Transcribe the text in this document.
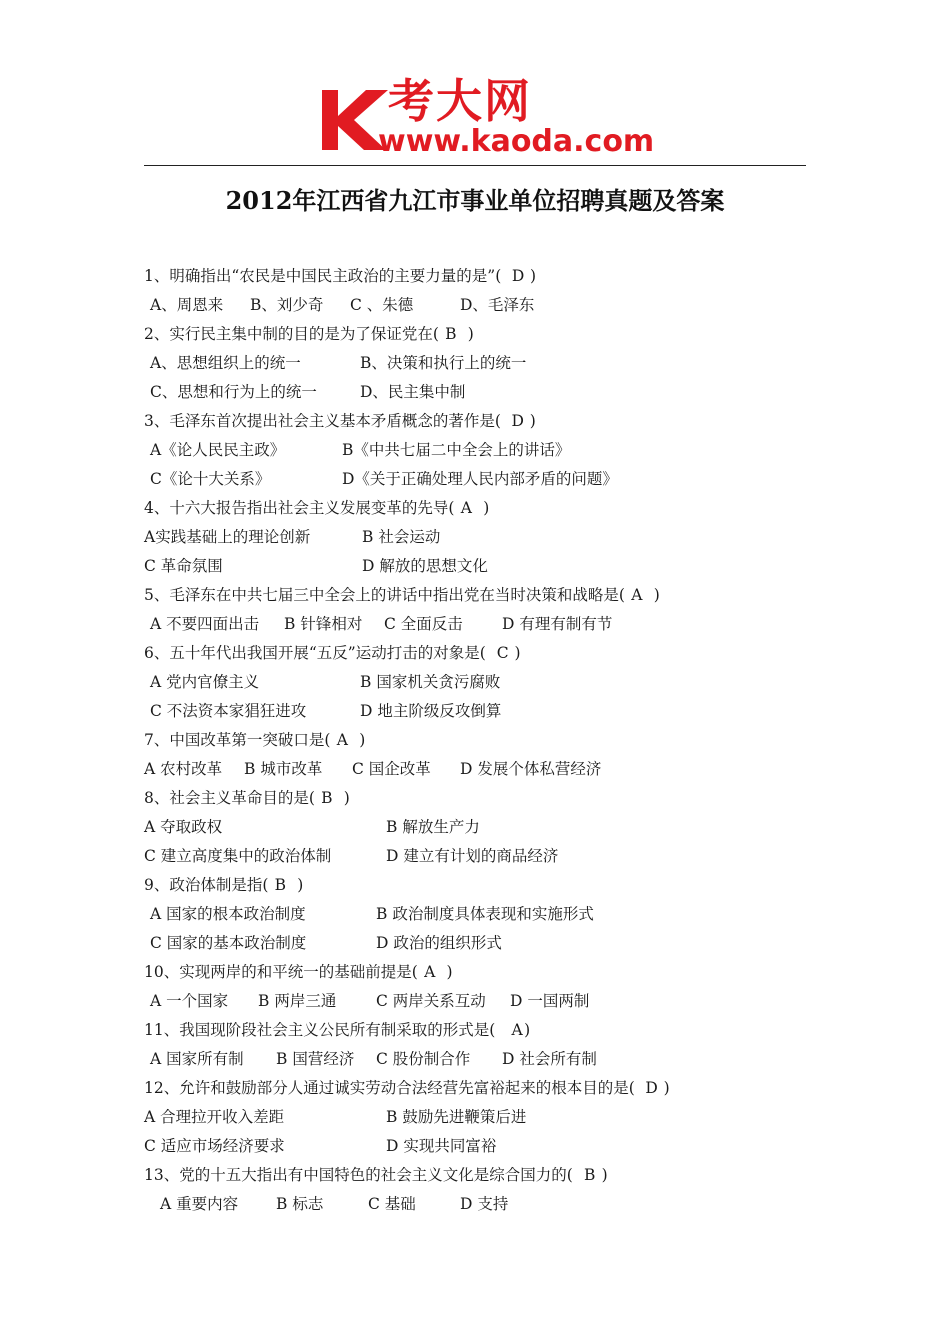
考大网
www.kaoda.com
2012年江西省九江市事业单位招聘真题及答案
1、明确指出“农民是中国民主政治的主要力量的是”(  D )
A、周恩来 B、刘少奇 C 、朱德	D、毛泽东
2、实行民主集中制的目的是为了保证党在( B  )
A、思想组织上的统一	B、决策和执行上的统一
C、思想和行为上的统一	D、民主集中制
3、毛泽东首次提出社会主义基本矛盾概念的著作是(  D )
A《论人民民主政》	B《中共七届二中全会上的讲话》
C《论十大关系》	D《关于正确处理人民内部矛盾的问题》
4、十六大报告指出社会主义发展变革的先导( A  )
A实践基础上的理论创新	B 社会运动
C 革命氛围	D 解放的思想文化
5、毛泽东在中共七届三中全会上的讲话中指出党在当时决策和战略是( A  )
A 不要四面出击 B 针锋相对 C 全面反击	D 有理有制有节
6、五十年代出我国开展“五反”运动打击的对象是(  C )
A 党内官僚主义	B 国家机关贪污腐败
C 不法资本家猖狂进攻	D 地主阶级反攻倒算
7、中国改革第一突破口是( A  )
A 农村改革 B 城市改革 C 国企改革 D 发展个体私营经济
8、社会主义革命目的是( B  )
A 夺取政权	B 解放生产力
C 建立高度集中的政治体制	D 建立有计划的商品经济
9、政治体制是指( B  )
A 国家的根本政治制度	B 政治制度具体表现和实施形式
C 国家的基本政治制度	D 政治的组织形式
10、实现两岸的和平统一的基础前提是( A  )
A 一个国家 B 两岸三通	C 两岸关系互动 D 一国两制
11、我国现阶段社会主义公民所有制采取的形式是(   A)
A 国家所有制 B 国营经济 C 股份制合作 D 社会所有制
12、允许和鼓励部分人通过诚实劳动合法经营先富裕起来的根本目的是(  D )
A 合理拉开收入差距	B 鼓励先进鞭策后进
C 适应市场经济要求	D 实现共同富裕
13、党的十五大指出有中国特色的社会主义文化是综合国力的(  B )
A 重要内容 B 标志	C 基础	D 支持
